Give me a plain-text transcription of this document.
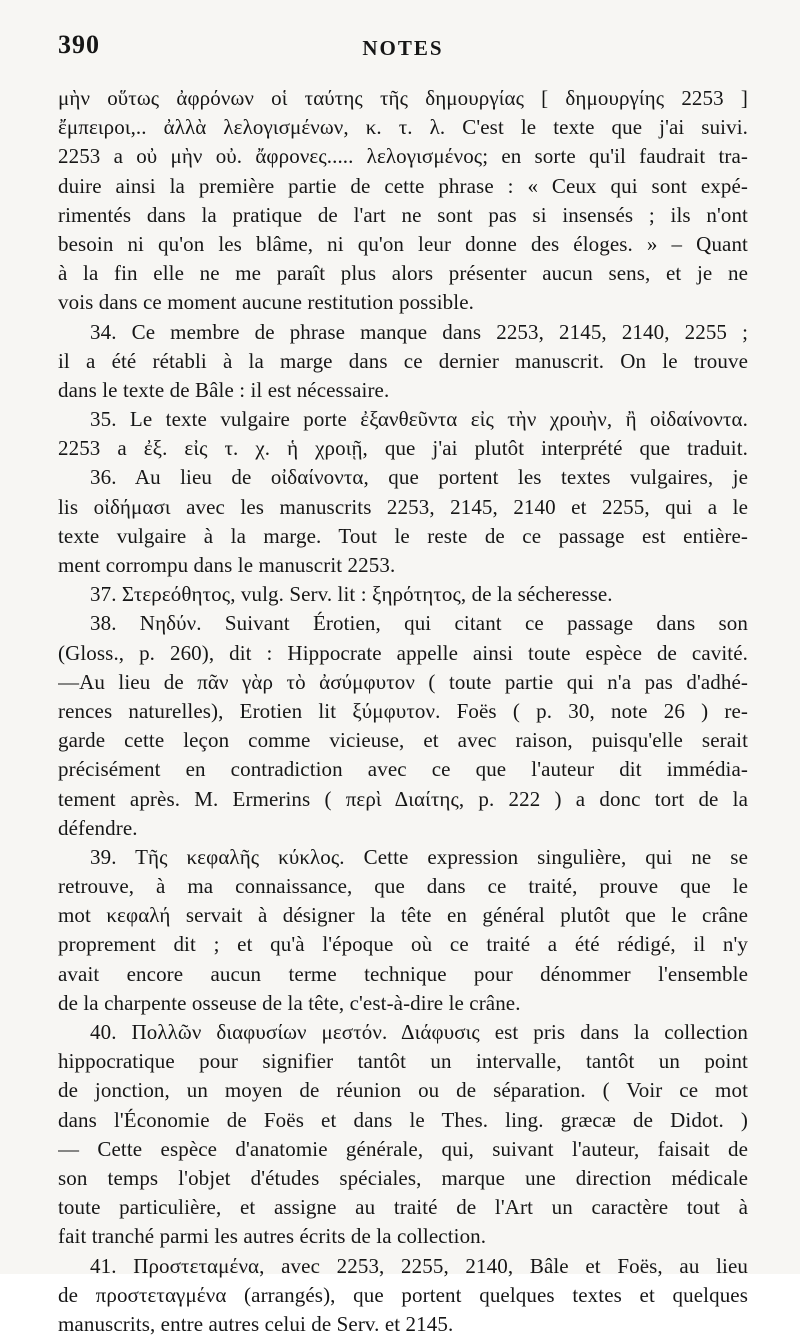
390	NOTES
μὴν οὕτως ἀφρόνων οἱ ταύτης τῆς δημουργίας [ δημουργίης 2253 ]
ἔμπειροι,.. ἀλλὰ λελογισμένων, κ. τ. λ. C'est le texte que j'ai suivi.
2253 a οὐ μὴν οὐ. ἄφρονες..... λελογισμένος; en sorte qu'il faudrait tra-
duire ainsi la première partie de cette phrase : « Ceux qui sont expé-
rimentés dans la pratique de l'art ne sont pas si insensés ; ils n'ont
besoin ni qu'on les blâme, ni qu'on leur donne des éloges. » – Quant
à la fin elle ne me paraît plus alors présenter aucun sens, et je ne
vois dans ce moment aucune restitution possible.
34. Ce membre de phrase manque dans 2253, 2145, 2140, 2255 ;
il a été rétabli à la marge dans ce dernier manuscrit. On le trouve
dans le texte de Bâle : il est nécessaire.
35. Le texte vulgaire porte ἐξανθεῦντα εἰς τὴν χροιὴν, ἢ οἰδαίνοντα.
2253 a ἐξ. εἰς τ. χ. ἡ χροιῇ, que j'ai plutôt interprété que traduit.
36. Au lieu de οἰδαίνοντα, que portent les textes vulgaires, je
lis οἰδήμασι avec les manuscrits 2253, 2145, 2140 et 2255, qui a le
texte vulgaire à la marge. Tout le reste de ce passage est entière-
ment corrompu dans le manuscrit 2253.
37. Στερεόθητος, vulg. Serv. lit : ξηρότητος, de la sécheresse.
38. Νηδύν. Suivant Érotien, qui citant ce passage dans son
(Gloss., p. 260), dit : Hippocrate appelle ainsi toute espèce de cavité.
—Au lieu de πᾶν γὰρ τὸ ἀσύμφυτον ( toute partie qui n'a pas d'adhé-
rences naturelles), Erotien lit ξύμφυτον. Foës ( p. 30, note 26 ) re-
garde cette leçon comme vicieuse, et avec raison, puisqu'elle serait
précisément en contradiction avec ce que l'auteur dit immédia-
tement après. M. Ermerins ( περὶ Διαίτης, p. 222 ) a donc tort de la
défendre.
39. Τῆς κεφαλῆς κύκλος. Cette expression singulière, qui ne se
retrouve, à ma connaissance, que dans ce traité, prouve que le
mot κεφαλή servait à désigner la tête en général plutôt que le crâne
proprement dit ; et qu'à l'époque où ce traité a été rédigé, il n'y
avait encore aucun terme technique pour dénommer l'ensemble
de la charpente osseuse de la tête, c'est-à-dire le crâne.
40. Πολλῶν διαφυσίων μεστόν. Διάφυσις est pris dans la collection
hippocratique pour signifier tantôt un intervalle, tantôt un point
de jonction, un moyen de réunion ou de séparation. ( Voir ce mot
dans l'Économie de Foës et dans le Thes. ling. græcæ de Didot. )
— Cette espèce d'anatomie générale, qui, suivant l'auteur, faisait de
son temps l'objet d'études spéciales, marque une direction médicale
toute particulière, et assigne au traité de l'Art un caractère tout à
fait tranché parmi les autres écrits de la collection.
41. Προστεταμένα, avec 2253, 2255, 2140, Bâle et Foës, au lieu
de προστεταγμένα (arrangés), que portent quelques textes et quelques
manuscrits, entre autres celui de Serv. et 2145.
